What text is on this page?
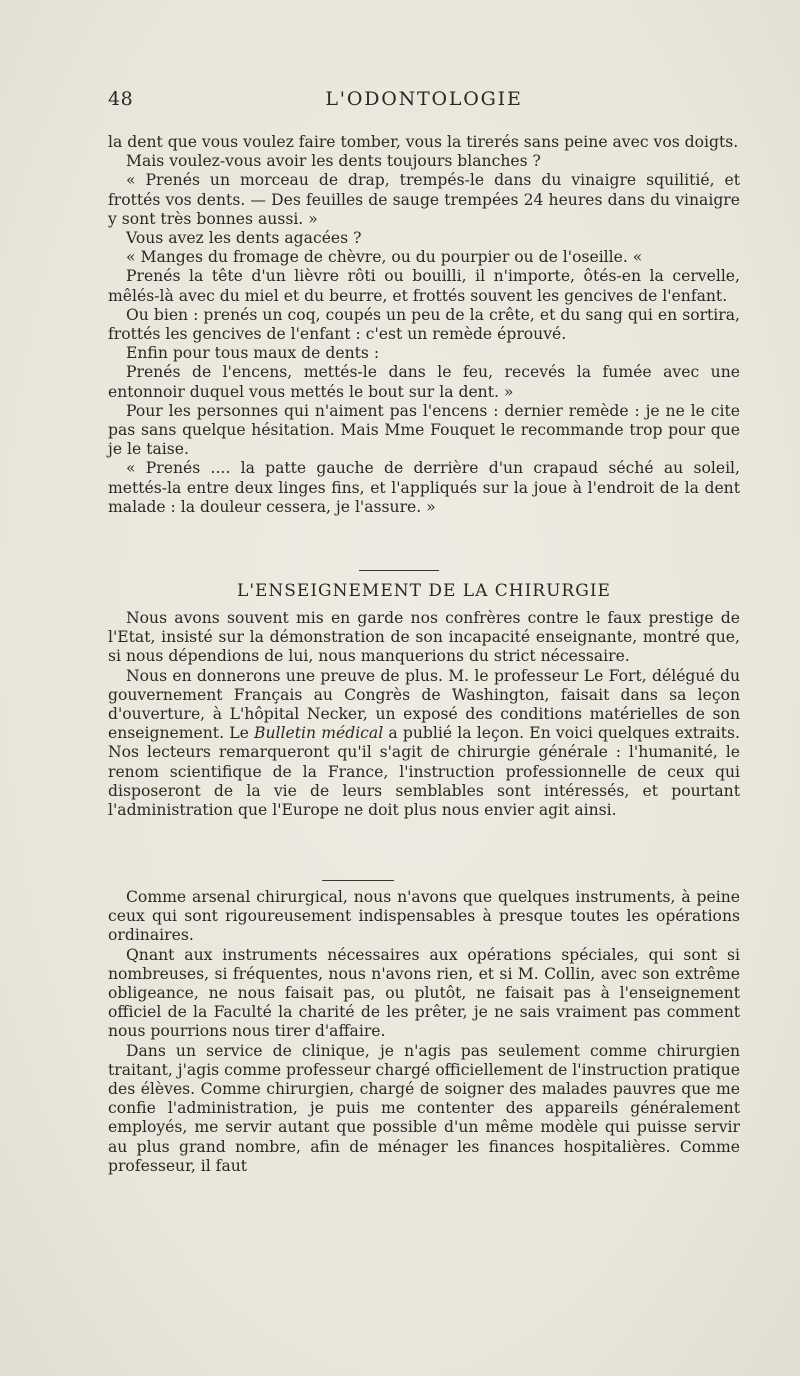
48	L'ODONTOLOGIE

la dent que vous voulez faire tomber, vous la tirerés sans peine avec vos doigts.

Mais voulez-vous avoir les dents toujours blanches ?

« Prenés un morceau de drap, trempés-le dans du vinaigre squilitié, et frottés vos dents. — Des feuilles de sauge trempées 24 heures dans du vinaigre y sont très bonnes aussi. »

Vous avez les dents agacées ?

« Manges du fromage de chèvre, ou du pourpier ou de l'oseille. «

Prenés la tête d'un lièvre rôti ou bouilli, il n'importe, ôtés-en la cervelle, mêlés-là avec du miel et du beurre, et frottés souvent les gencives de l'enfant.

Ou bien : prenés un coq, coupés un peu de la crête, et du sang qui en sortira, frottés les gencives de l'enfant : c'est un remède éprouvé.

Enfin pour tous maux de dents :

Prenés de l'encens, mettés-le dans le feu, recevés la fumée avec une entonnoir duquel vous mettés le bout sur la dent. »

Pour les personnes qui n'aiment pas l'encens : dernier remède : je ne le cite pas sans quelque hésitation. Mais Mme Fouquet le recommande trop pour que je le taise.

« Prenés .... la patte gauche de derrière d'un crapaud séché au soleil, mettés-la entre deux linges fins, et l'appliqués sur la joue à l'endroit de la dent malade : la douleur cessera, je l'assure. »

L'ENSEIGNEMENT DE LA CHIRURGIE

Nous avons souvent mis en garde nos confrères contre le faux prestige de l'Etat, insisté sur la démonstration de son incapacité enseignante, montré que, si nous dépendions de lui, nous manquerions du strict nécessaire.

Nous en donnerons une preuve de plus. M. le professeur Le Fort, délégué du gouvernement Français au Congrès de Washington, faisait dans sa leçon d'ouverture, à L'hôpital Necker, un exposé des conditions matérielles de son enseignement. Le Bulletin médical a publié la leçon. En voici quelques extraits. Nos lecteurs remarqueront qu'il s'agit de chirurgie générale : l'humanité, le renom scientifique de la France, l'instruction professionnelle de ceux qui disposeront de la vie de leurs semblables sont intéressés, et pourtant l'administration que l'Europe ne doit plus nous envier agit ainsi.

Comme arsenal chirurgical, nous n'avons que quelques instruments, à peine ceux qui sont rigoureusement indispensables à presque toutes les opérations ordinaires.

Qnant aux instruments nécessaires aux opérations spéciales, qui sont si nombreuses, si fréquentes, nous n'avons rien, et si M. Collin, avec son extrême obligeance, ne nous faisait pas, ou plutôt, ne faisait pas à l'enseignement officiel de la Faculté la charité de les prêter, je ne sais vraiment pas comment nous pourrions nous tirer d'affaire.

Dans un service de clinique, je n'agis pas seulement comme chirurgien traitant, j'agis comme professeur chargé officiellement de l'instruction pratique des élèves. Comme chirurgien, chargé de soigner des malades pauvres que me confie l'administration, je puis me contenter des appareils généralement employés, me servir autant que possible d'un même modèle qui puisse servir au plus grand nombre, afin de ménager les finances hospitalières. Comme professeur, il faut
